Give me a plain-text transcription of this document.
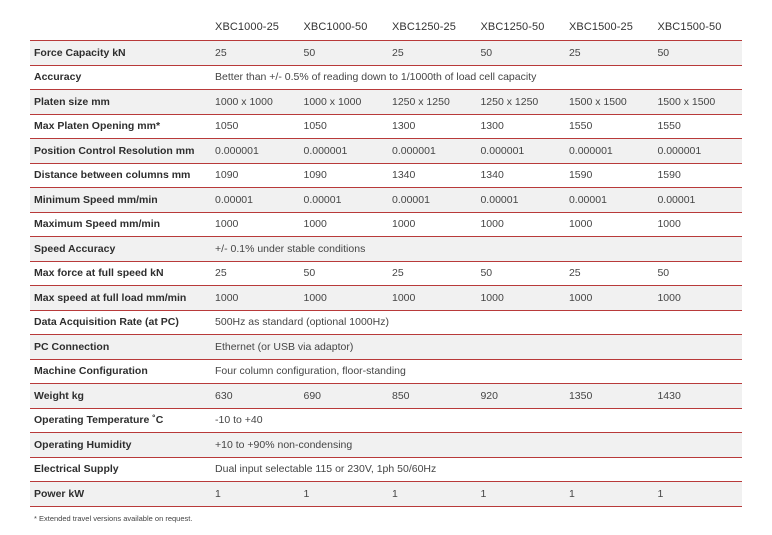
	XBC1000-25	XBC1000-50	XBC1250-25	XBC1250-50	XBC1500-25	XBC1500-50
Force Capacity kN	25	50	25	50	25	50
Accuracy	Better than +/- 0.5% of reading down to 1/1000th of load cell capacity					
Platen size mm	1000 x 1000	1000 x 1000	1250 x 1250	1250 x 1250	1500 x 1500	1500 x 1500
Max Platen Opening mm*	1050	1050	1300	1300	1550	1550
Position Control Resolution mm	0.000001	0.000001	0.000001	0.000001	0.000001	0.000001
Distance between columns mm	1090	1090	1340	1340	1590	1590
Minimum Speed mm/min	0.00001	0.00001	0.00001	0.00001	0.00001	0.00001
Maximum Speed mm/min	1000	1000	1000	1000	1000	1000
Speed Accuracy	+/- 0.1% under stable conditions					
Max force at full speed kN	25	50	25	50	25	50
Max speed at full load mm/min	1000	1000	1000	1000	1000	1000
Data Acquisition Rate (at PC)	500Hz as standard (optional 1000Hz)					
PC Connection	Ethernet (or USB via adaptor)					
Machine Configuration	Four column configuration, floor-standing					
Weight kg	630	690	850	920	1350	1430
Operating Temperature ˚C	-10 to +40					
Operating Humidity	+10 to +90% non-condensing					
Electrical Supply	Dual input selectable 115 or 230V, 1ph 50/60Hz					
Power kW	1	1	1	1	1	1
* Extended travel versions available on request.
